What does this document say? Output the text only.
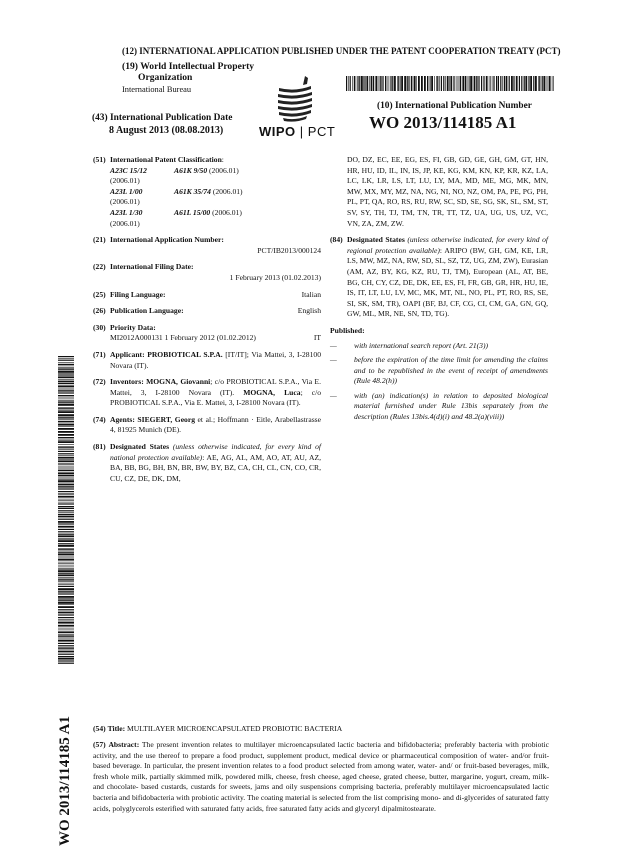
(12) INTERNATIONAL APPLICATION PUBLISHED UNDER THE PATENT COOPERATION TREATY (PCT)
(19) World Intellectual Property
Organization
International Bureau
(43) International Publication Date
8 August 2013 (08.08.2013)	WIPO | PCT
(10) International Publication Number
WO 2013/114185 A1
WO 2013/114185 A1
(51) International Patent Classification:
A23C 15/12 (2006.01)
A61K 9/50 (2006.01)
A23L 1/00 (2006.01)
A61K 35/74 (2006.01)
A23L 1/30 (2006.01)
A61L 15/00 (2006.01)
(21) International Application Number:
PCT/IB2013/000124
(22) International Filing Date:
1 February 2013 (01.02.2013)
(25) Filing Language:	Italian
(26) Publication Language:	English
(30) Priority Data:
MI2012A000131 1 February 2012 (01.02.2012)	IT
(71) Applicant: PROBIOTICAL S.P.A. [IT/IT]; Via Mattei, 3, I-28100 Novara (IT).
(72) Inventors: MOGNA, Giovanni; c/o PROBIOTICAL S.P.A., Via E. Mattei, 3, I-28100 Novara (IT). MOGNA, Luca; c/o PROBIOTICAL S.P.A., Via E. Mattei, 3, I-28100 Novara (IT).
(74) Agents: SIEGERT, Georg et al.; Hoffmann · Eitle, Arabellastrasse 4, 81925 Munich (DE).
(81) Designated States (unless otherwise indicated, for every kind of national protection available): AE, AG, AL, AM, AO, AT, AU, AZ, BA, BB, BG, BH, BN, BR, BW, BY, BZ, CA, CH, CL, CN, CO, CR, CU, CZ, DE, DK, DM,
DO, DZ, EC, EE, EG, ES, FI, GB, GD, GE, GH, GM, GT, HN, HR, HU, ID, IL, IN, IS, JP, KE, KG, KM, KN, KP, KR, KZ, LA, LC, LK, LR, LS, LT, LU, LY, MA, MD, ME, MG, MK, MN, MW, MX, MY, MZ, NA, NG, NI, NO, NZ, OM, PA, PE, PG, PH, PL, PT, QA, RO, RS, RU, RW, SC, SD, SE, SG, SK, SL, SM, ST, SV, SY, TH, TJ, TM, TN, TR, TT, TZ, UA, UG, US, UZ, VC, VN, ZA, ZM, ZW.
(84) Designated States (unless otherwise indicated, for every kind of regional protection available): ARIPO (BW, GH, GM, KE, LR, LS, MW, MZ, NA, RW, SD, SL, SZ, TZ, UG, ZM, ZW), Eurasian (AM, AZ, BY, KG, KZ, RU, TJ, TM), European (AL, AT, BE, BG, CH, CY, CZ, DE, DK, EE, ES, FI, FR, GB, GR, HR, HU, IE, IS, IT, LT, LU, LV, MC, MK, MT, NL, NO, PL, PT, RO, RS, SE, SI, SK, SM, TR), OAPI (BF, BJ, CF, CG, CI, CM, GA, GN, GQ, GW, ML, MR, NE, SN, TD, TG).
Published:
— with international search report (Art. 21(3))
— before the expiration of the time limit for amending the claims and to be republished in the event of receipt of amendments (Rule 48.2(h))
— with (an) indication(s) in relation to deposited biological material furnished under Rule 13bis separately from the description (Rules 13bis.4(d)(i) and 48.2(a)(viii))
(54) Title: MULTILAYER MICROENCAPSULATED PROBIOTIC BACTERIA
(57) Abstract: The present invention relates to multilayer microencapsulated lactic bacteria and bifidobacteria; preferably bacteria with probiotic activity, and the use thereof to prepare a food product, supplement product, medical device or pharmaceutical composition of water- and/or fruit-based beverage. In particular, the present invention relates to a food product selected from among water, water- and/ or fruit-based beverages, milk, fresh whole milk, partially skimmed milk, powdered milk, cheese, fresh cheese, aged cheese, grated cheese, butter, margarine, yogurt, cream, milk- and chocolate- based custards, custards for sweets, jams and oily suspensions comprising bacteria, preferably multilayer microencapsulated lactic bacteria and bifidobacteria with probiotic activity. The coating material is selected from the list comprising mono- and di-glycerides of saturated fatty acids, polyglycerols esterified with saturated fatty acids, free saturated fatty acids and glyceryl dipalmitostearate.
